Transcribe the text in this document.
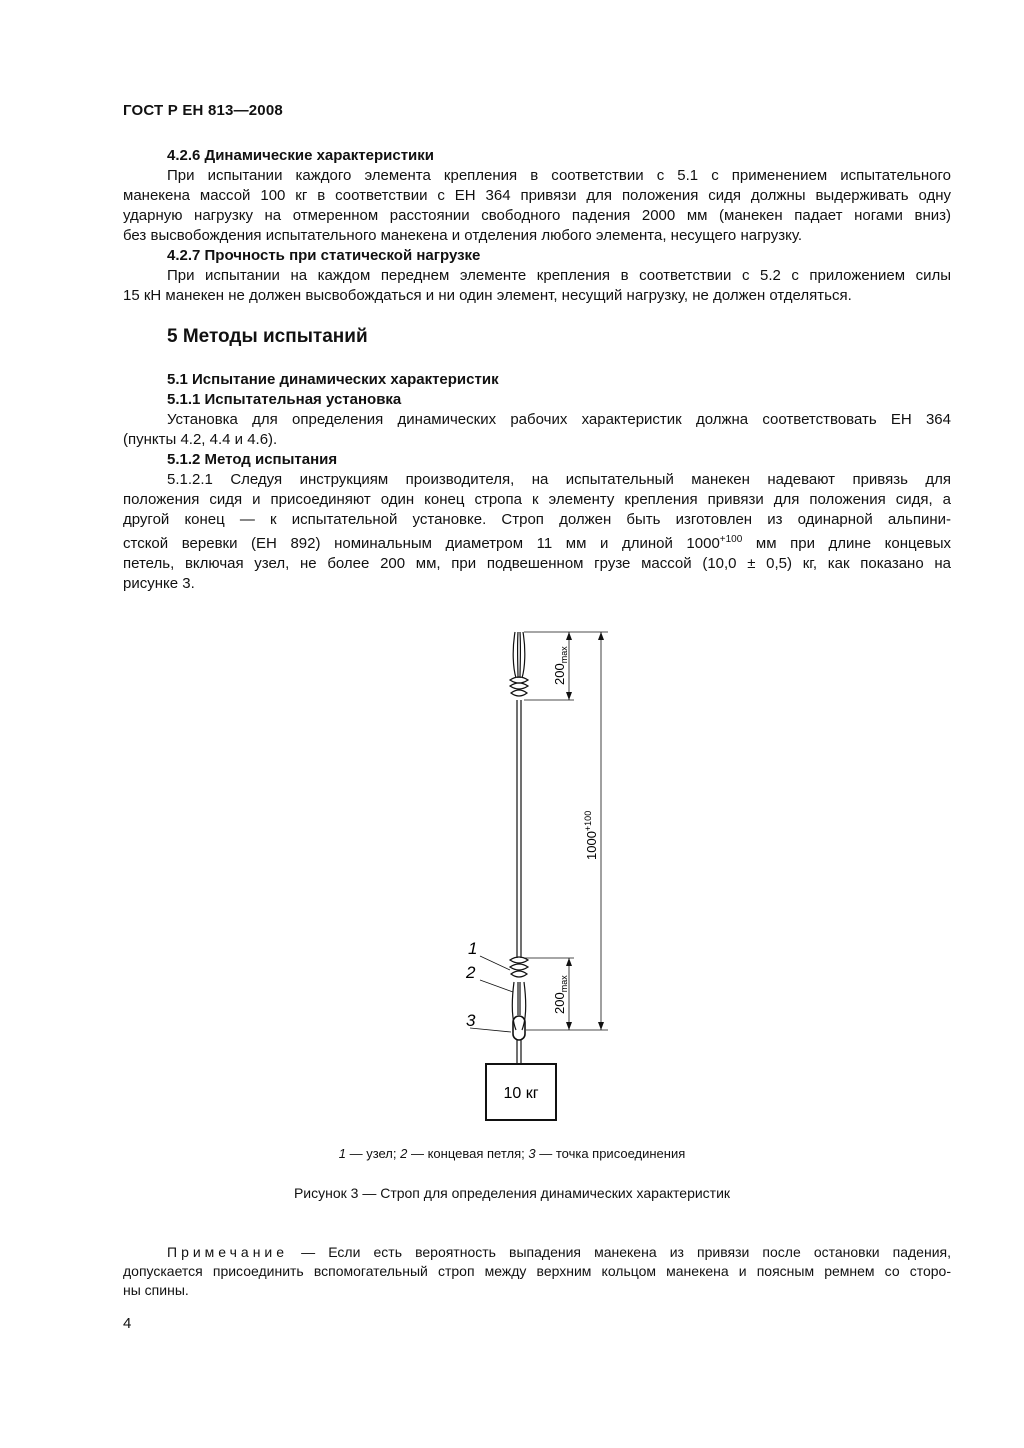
ГОСТ Р ЕН 813—2008
4.2.6 Динамические характеристики
При испытании каждого элемента крепления в соответствии с 5.1 с применением испытательного
манекена массой 100 кг в соответствии с ЕН 364 привязи для положения сидя должны выдерживать одну
ударную нагрузку на отмеренном расстоянии свободного падения 2000 мм (манекен падает ногами вниз)
без высвобождения испытательного манекена и отделения любого элемента, несущего нагрузку.
4.2.7 Прочность при статической нагрузке
При испытании на каждом переднем элементе крепления в соответствии с 5.2 с приложением силы
15 кН манекен не должен высвобождаться и ни один элемент, несущий нагрузку, не должен отделяться.
5 Методы испытаний
5.1 Испытание динамических характеристик
5.1.1 Испытательная установка
Установка для определения динамических рабочих характеристик должна соответствовать ЕН 364
(пункты 4.2, 4.4 и 4.6).
5.1.2 Метод испытания
5.1.2.1 Следуя инструкциям производителя, на испытательный манекен надевают привязь для
положения сидя и присоединяют один конец стропа к элементу крепления привязи для положения сидя, а
другой конец — к испытательной установке. Строп должен быть изготовлен из одинарной альпини-
стской веревки (ЕН 892) номинальным диаметром 11 мм и длиной $1000^{+100}$ мм при длине концевых
петель, включая узел, не более 200 мм, при подвешенном грузе массой (10,0 ± 0,5) кг, как показано на
рисунке 3.
$200_{max}$
$200_{max}$
$1000^{+100}$
1
2
3
10 кг
1 — узел; 2 — концевая петля; 3 — точка присоединения
Рисунок 3 — Строп для определения динамических характеристик
Примечание — Если есть вероятность выпадения манекена из привязи после остановки падения,
допускается присоединить вспомогательный строп между верхним кольцом манекена и поясным ремнем со сторо-
ны спины.
4
